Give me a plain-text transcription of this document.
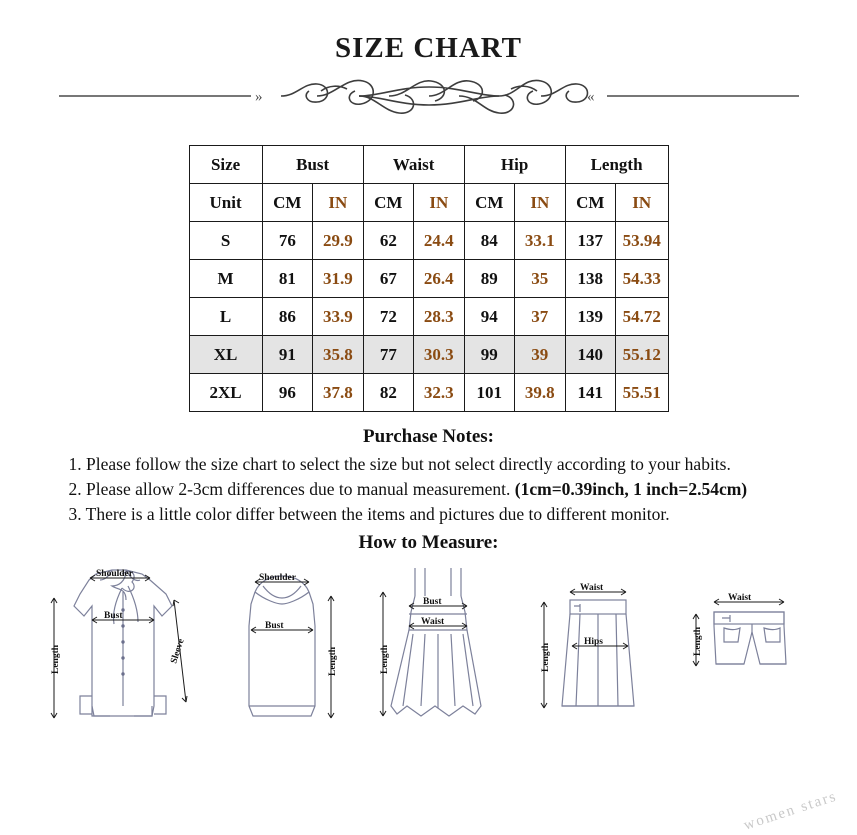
SIZE CHART
»	«
Size	Bust		Waist		Hip		Length	
Unit	CM	IN	CM	IN	CM	IN	CM	IN
S	76	29.9	62	24.4	84	33.1	137	53.94
M	81	31.9	67	26.4	89	35	138	54.33
L	86	33.9	72	28.3	94	37	139	54.72
XL	91	35.8	77	30.3	99	39	140	55.12
2XL	96	37.8	82	32.3	101	39.8	141	55.51
Purchase Notes:

1. Please follow the size chart to select the size but not select directly according to your habits.

2. Please allow 2-3cm differences due to manual measurement. (1cm=0.39inch, 1 inch=2.54cm)

3. There is a little color differ between the items and pictures due to different monitor.

How to Measure:
Shoulder
Bust
Length	Sleeve
Shoulder
Bust
Length
Bust
Waist
Length
Waist
Hips
Length
Waist
Length
women stars
